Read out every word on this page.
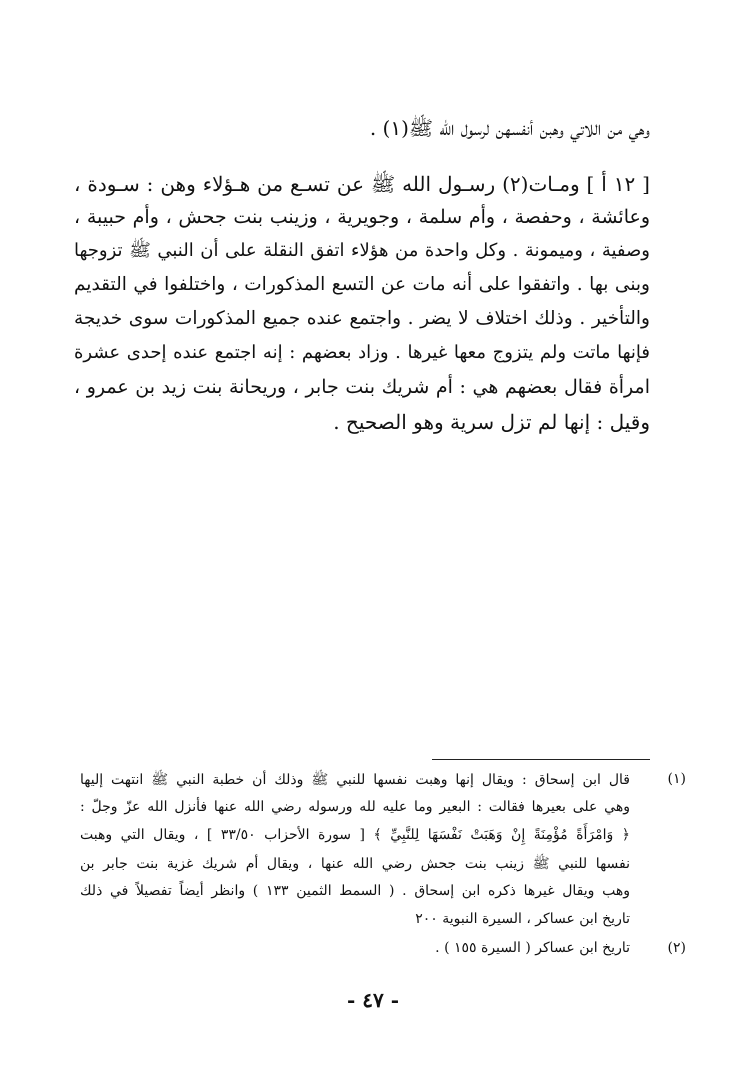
وهي من اللاتي وهبن أنفسهن لرسول الله ﷺ(١) .
[ ١٢ أ ] ومـات(٢) رسـول الله ﷺ عن تسـع من هـؤلاء وهن : سـودة ،
وعائشة ، وحفصة ، وأم سلمة ، وجويرية ، وزينب بنت جحش ، وأم حبيبة ،
وصفية ، وميمونة . وكل واحدة من هؤلاء اتفق النقلة على أن النبي ﷺ تزوجها
وبنى بها . واتفقوا على أنه مات عن التسع المذكورات ، واختلفوا في التقديم
والتأخير . وذلك اختلاف لا يضر . واجتمع عنده جميع المذكورات سوى خديجة
فإنها ماتت ولم يتزوج معها غيرها . وزاد بعضهم : إنه اجتمع عنده إحدى عشرة
امرأة فقال بعضهم هي : أم شريك بنت جابر ، وريحانة بنت زيد بن عمرو ،
وقيل : إنها لم تزل سرية وهو الصحيح .
(١)
قال ابن إسحاق : ويقال إنها وهبت نفسها للنبي ﷺ وذلك أن خطبة النبي ﷺ انتهت إليها
وهي على بعيرها فقالت : البعير وما عليه لله ورسوله رضي الله عنها فأنزل الله عزّ وجلّ :
﴿ وَامْرَأَةً مُؤْمِنَةً إِنْ وَهَبَتْ نَفْسَهَا لِلنَّبِيِّ ﴾ [ سورة الأحزاب ٣٣/٥٠ ] ، ويقال التي وهبت
نفسها للنبي ﷺ زينب بنت جحش رضي الله عنها ، ويقال أم شريك غزية بنت جابر بن
وهب ويقال غيرها ذكره ابن إسحاق . ( السمط الثمين ١٣٣ ) وانظر أيضاً تفصيلاً في ذلك
تاريخ ابن عساكر ، السيرة النبوية ٢٠٠
(٢)
تاريخ ابن عساكر ( السيرة ١٥٥ ) .
- ٤٧ -
